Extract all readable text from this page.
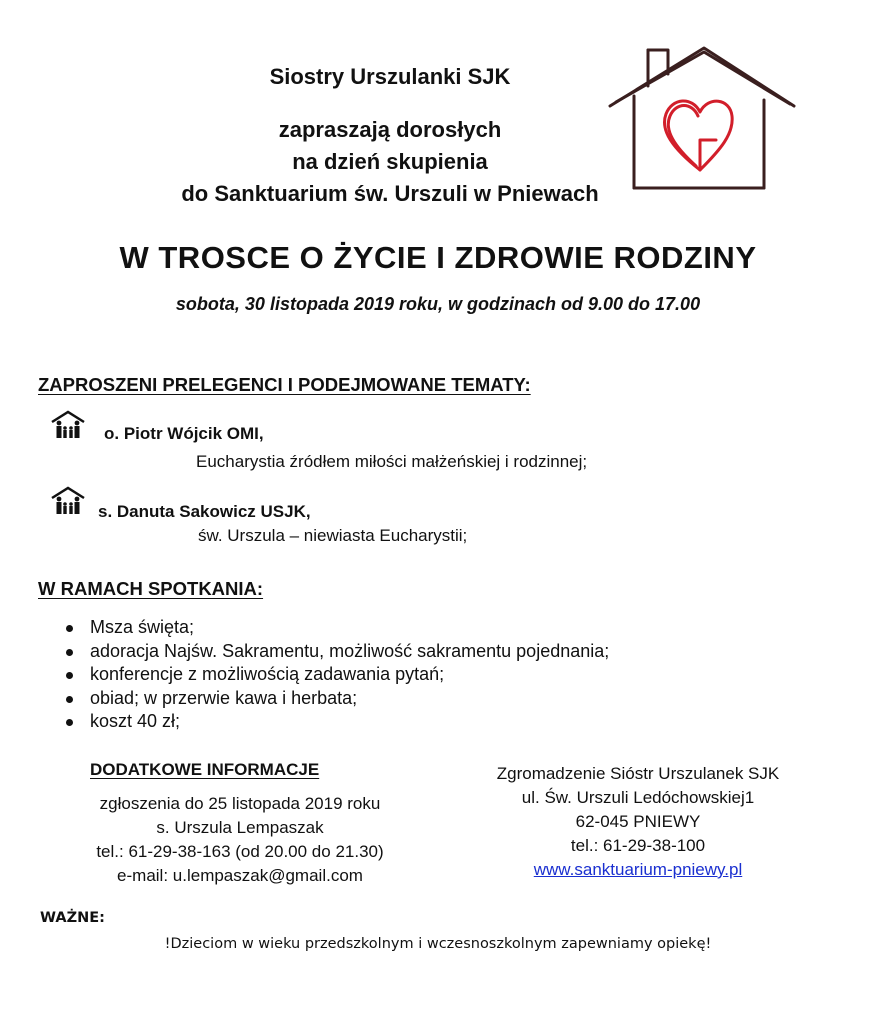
Siostry Urszulanki SJK
zapraszają dorosłych
na dzień skupienia
do Sanktuarium św. Urszuli w Pniewach
W TROSCE O ŻYCIE I ZDROWIE RODZINY
sobota, 30 listopada 2019 roku, w godzinach od 9.00 do 17.00
ZAPROSZENI PRELEGENCI I PODEJMOWANE TEMATY:
o. Piotr Wójcik OMI,
Eucharystia źródłem miłości małżeńskiej i rodzinnej;
s. Danuta Sakowicz USJK,
św. Urszula – niewiasta Eucharystii;
W RAMACH SPOTKANIA:
Msza święta;
adoracja Najśw. Sakramentu, możliwość sakramentu pojednania;
konferencje z możliwością zadawania pytań;
obiad; w przerwie kawa i herbata;
koszt 40 zł;
DODATKOWE INFORMACJE
zgłoszenia do 25 listopada 2019 roku
s. Urszula Lempaszak
tel.: 61-29-38-163 (od 20.00 do 21.30)
e-mail: u.lempaszak@gmail.com
Zgromadzenie Sióstr Urszulanek SJK
ul. Św. Urszuli Ledóchowskiej1
62-045 PNIEWY
tel.: 61-29-38-100
www.sanktuarium-pniewy.pl
WAŻNE:
!Dzieciom w wieku przedszkolnym i wczesnoszkolnym zapewniamy opiekę!
